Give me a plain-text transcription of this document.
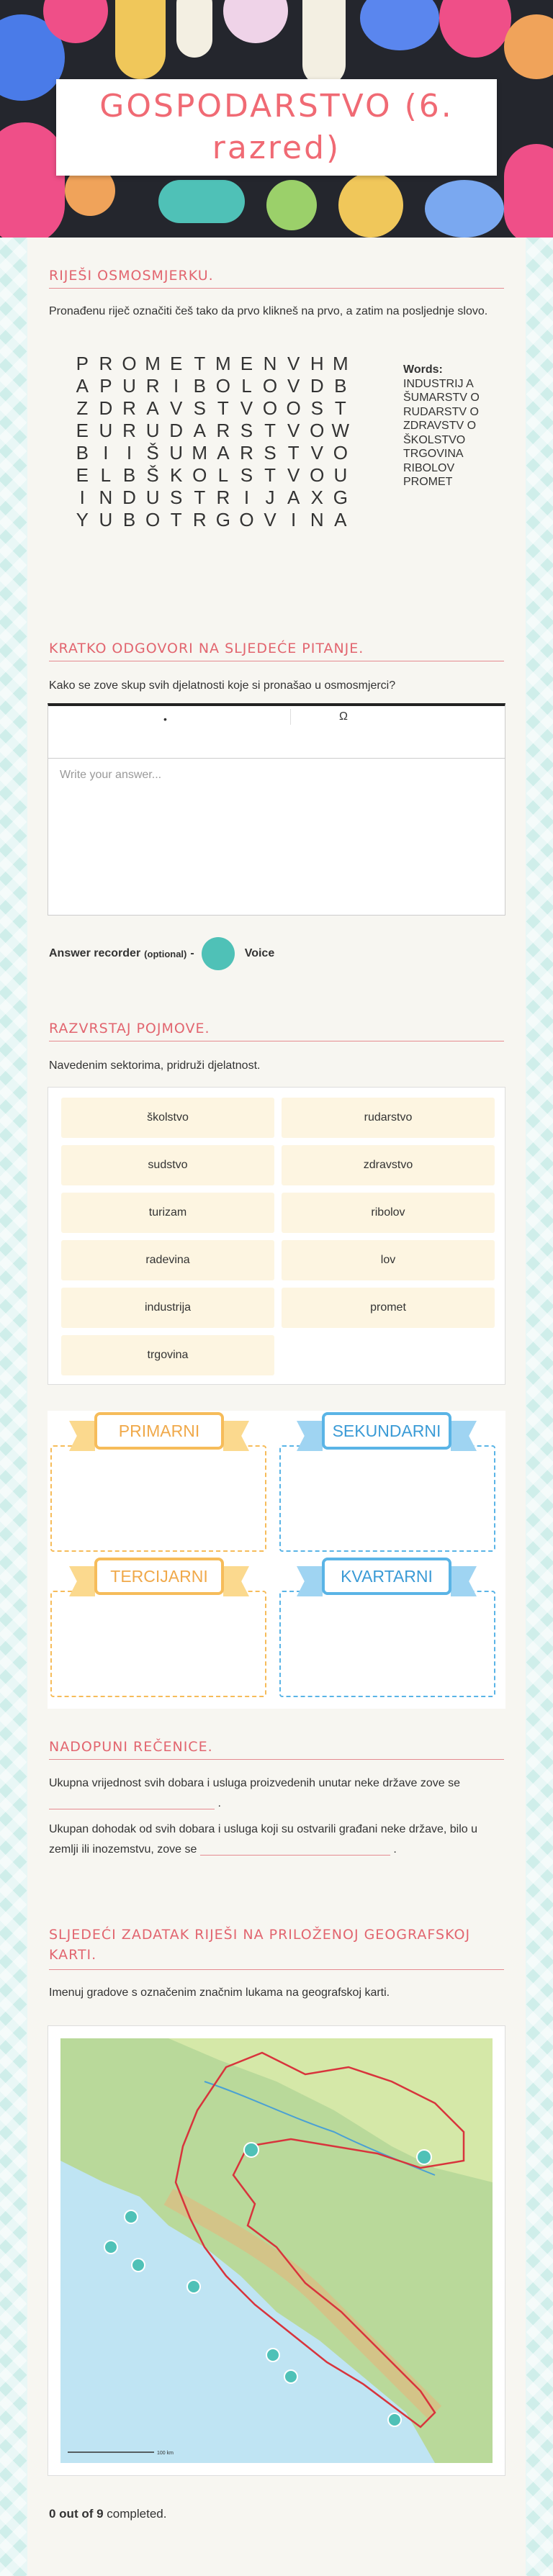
GOSPODARSTVO (6. razred)
RIJEŠI OSMOSMJERKU.
Pronađenu riječ označiti češ tako da prvo klikneš na prvo, a zatim na posljednje slovo.
P R O M E T M E N V H M
A P U R I B O L O V D B
Z D R A V S T V O O S T
E U R U D A R S T V O W
B I I Š U M A R S T V O
E L B Š K O L S T V O U
I N D U S T R I J A X G
Y U B O T R G O V I N A
Words:
INDUSTRIJ A
ŠUMARSTV O
RUDARSTV O
ZDRAVSTV O
ŠKOLSTVO
TRGOVINA
RIBOLOV
PROMET
KRATKO ODGOVORI NA SLJEDEĆE PITANJE.
Kako se zove skup svih djelatnosti koje si pronašao u osmosmjerci?
•	Ω
Write your answer...
Answer recorder (optional) -	Voice
RAZVRSTAJ POJMOVE.
Navedenim sektorima, pridruži djelatnost.
školstvo	rudarstvo
sudstvo	zdravstvo
turizam	ribolov
radevina	lov
industrija	promet
trgovina
PRIMARNI	SEKUNDARNI
TERCIJARNI	KVARTARNI
NADOPUNI REČENICE.
Ukupna vrijednost svih dobara i usluga proizvedenih unutar neke države zove se  .
Ukupan dohodak od svih dobara i usluga koji su ostvarili građani neke države, bilo u zemlji ili inozemstvu, zove se	.
SLJEDEĆI ZADATAK RIJEŠI NA PRILOŽENOJ GEOGRAFSKOJ KARTI.
Imenuj gradove s označenim značnim lukama na geografskoj karti.
100 km
0 out of 9 completed.
